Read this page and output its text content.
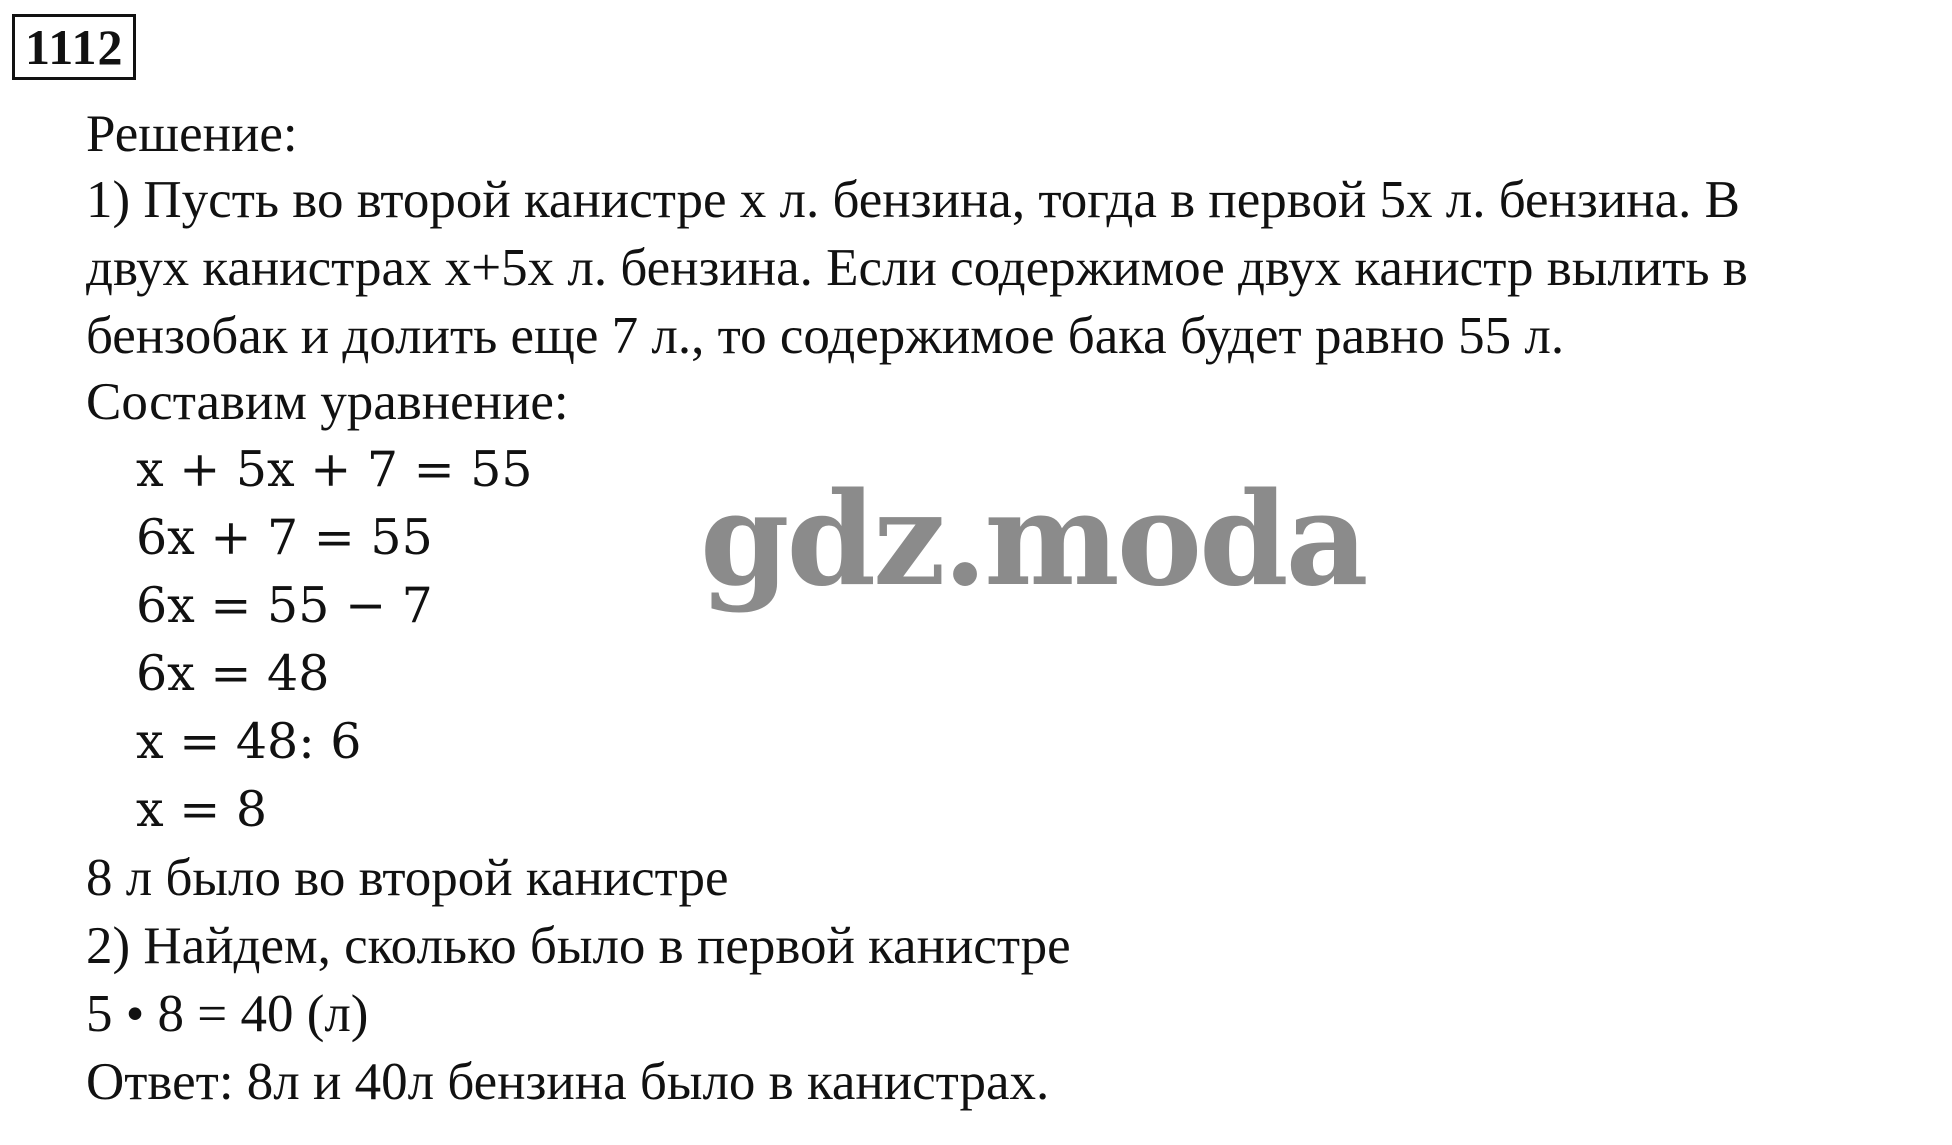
1112
Решение:
1) Пусть во второй канистре х л. бензина, тогда в первой 5х л. бензина. В
двух канистрах х+5х л. бензина. Если содержимое двух канистр вылить в
бензобак и долить еще 7 л., то содержимое бака будет равно 55 л.
Составим уравнение:
x + 5x + 7 = 55
6x + 7 = 55
6x = 55 − 7
6x = 48
x = 48: 6
x = 8
8 л было во второй канистре
2) Найдем, сколько было в первой канистре
5 • 8 = 40 (л)
Ответ: 8л и 40л бензина было в канистрах.
gdz.moda
